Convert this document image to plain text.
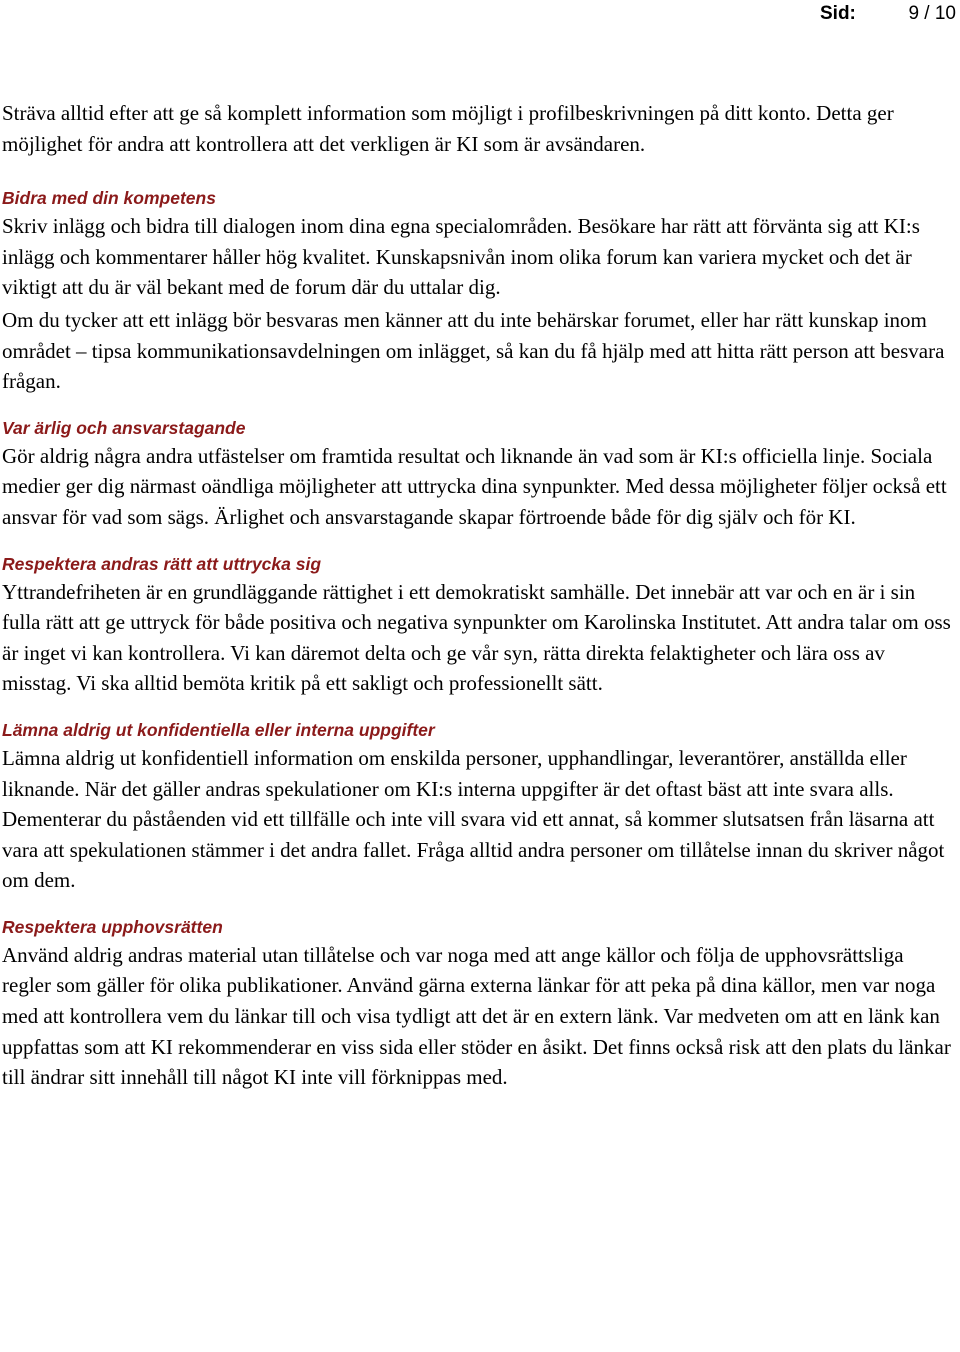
Sid:	9 / 10

Sträva alltid efter att ge så komplett information som möjligt i profilbeskrivningen på ditt konto. Detta ger möjlighet för andra att kontrollera att det verkligen är KI som är avsändaren.

Bidra med din kompetens

Skriv inlägg och bidra till dialogen inom dina egna specialområden. Besökare har rätt att förvänta sig att KI:s inlägg och kommentarer håller hög kvalitet. Kunskapsnivån inom olika forum kan variera mycket och det är viktigt att du är väl bekant med de forum där du uttalar dig.

Om du tycker att ett inlägg bör besvaras men känner att du inte behärskar forumet, eller har rätt kunskap inom området – tipsa kommunikationsavdelningen om inlägget, så kan du få hjälp med att hitta rätt person att besvara frågan.

Var ärlig och ansvarstagande

Gör aldrig några andra utfästelser om framtida resultat och liknande än vad som är KI:s officiella linje. Sociala medier ger dig närmast oändliga möjligheter att uttrycka dina synpunkter. Med dessa möjligheter följer också ett ansvar för vad som sägs. Ärlighet och ansvarstagande skapar förtroende både för dig själv och för KI.

Respektera andras rätt att uttrycka sig

Yttrandefriheten är en grundläggande rättighet i ett demokratiskt samhälle. Det innebär att var och en är i sin fulla rätt att ge uttryck för både positiva och negativa synpunkter om Karolinska Institutet. Att andra talar om oss är inget vi kan kontrollera. Vi kan däremot delta och ge vår syn, rätta direkta felaktigheter och lära oss av misstag. Vi ska alltid bemöta kritik på ett sakligt och professionellt sätt.

Lämna aldrig ut konfidentiella eller interna uppgifter

Lämna aldrig ut konfidentiell information om enskilda personer, upphandlingar, leverantörer, anställda eller liknande. När det gäller andras spekulationer om KI:s interna uppgifter är det oftast bäst att inte svara alls. Dementerar du påståenden vid ett tillfälle och inte vill svara vid ett annat, så kommer slutsatsen från läsarna att vara att spekulationen stämmer i det andra fallet. Fråga alltid andra personer om tillåtelse innan du skriver något om dem.

Respektera upphovsrätten

Använd aldrig andras material utan tillåtelse och var noga med att ange källor och följa de upphovsrättsliga regler som gäller för olika publikationer. Använd gärna externa länkar för att peka på dina källor, men var noga med att kontrollera vem du länkar till och visa tydligt att det är en extern länk. Var medveten om att en länk kan uppfattas som att KI rekommenderar en viss sida eller stöder en åsikt. Det finns också risk att den plats du länkar till ändrar sitt innehåll till något KI inte vill förknippas med.
